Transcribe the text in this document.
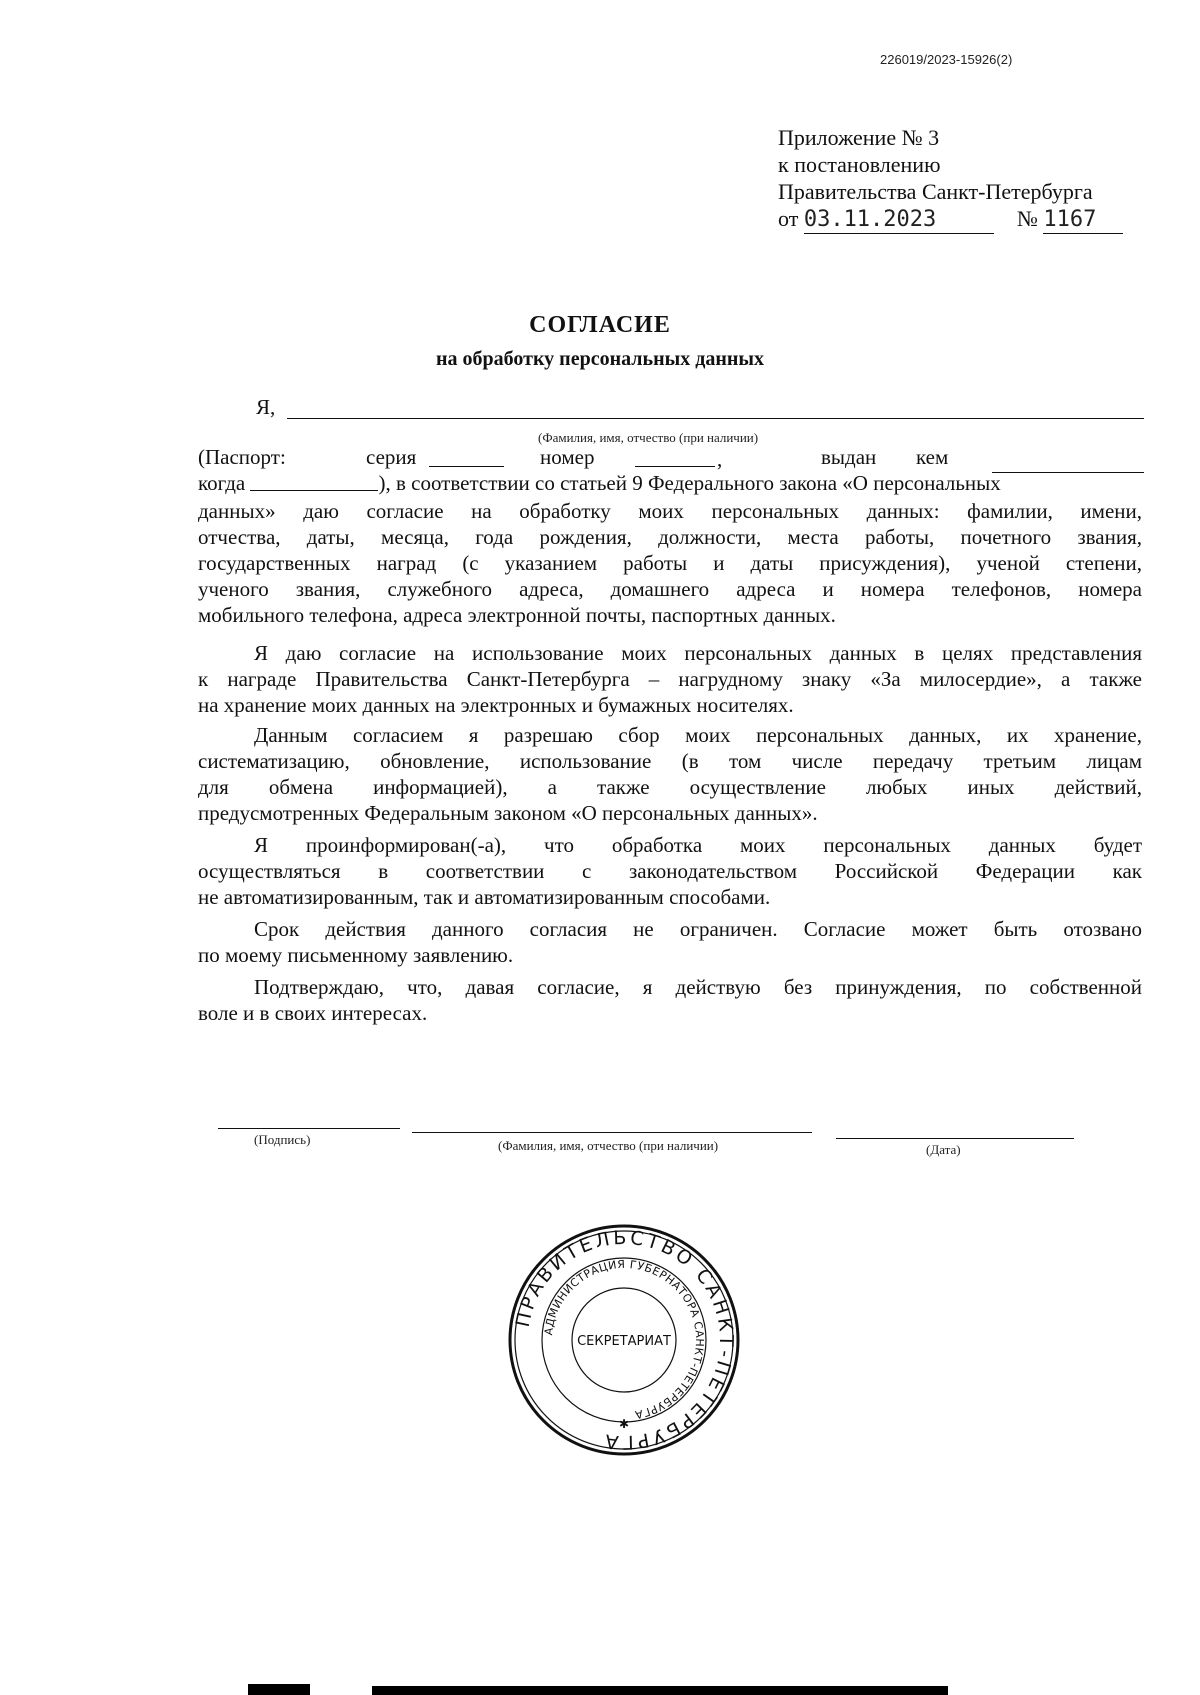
226019/2023-15926(2)
Приложение № 3
к постановлению
Правительства Санкт-Петербурга
от 03.11.2023	№ 1167
СОГЛАСИЕ
на обработку персональных данных
Я,
(Фамилия, имя, отчество (при наличии)
(Паспорт:	серия	номер	,	выдан кем
когда	), в соответствии со статьей 9 Федерального закона «О персональных
данных» даю согласие на обработку моих персональных данных: фамилии, имени,
отчества, даты, месяца, года рождения, должности, места работы, почетного звания,
государственных наград (с указанием работы и даты присуждения), ученой степени,
ученого звания, служебного адреса, домашнего адреса и номера телефонов, номера
мобильного телефона, адреса электронной почты, паспортных данных.
Я даю согласие на использование моих персональных данных в целях представления
к награде Правительства Санкт-Петербурга – нагрудному знаку «За милосердие», а также
на хранение моих данных на электронных и бумажных носителях.
Данным согласием я разрешаю сбор моих персональных данных, их хранение,
систематизацию, обновление, использование (в том числе передачу третьим лицам
для обмена информацией), а также осуществление любых иных действий,
предусмотренных Федеральным законом «О персональных данных».
Я проинформирован(-а), что обработка моих персональных данных будет
осуществляться в соответствии с законодательством Российской Федерации как
не автоматизированным, так и автоматизированным способами.
Срок действия данного согласия не ограничен. Согласие может быть отозвано
по моему письменному заявлению.
Подтверждаю, что, давая согласие, я действую без принуждения, по собственной
воле и в своих интересах.
(Подпись)	(Фамилия, имя, отчество (при наличии)	(Дата)
ПРАВИТЕЛЬСТВО САНКТ-ПЕТЕРБУРГА
АДМИНИСТРАЦИЯ ГУБЕРНАТОРА САНКТ-ПЕТЕРБУРГА
СЕКРЕТАРИАТ
✱
